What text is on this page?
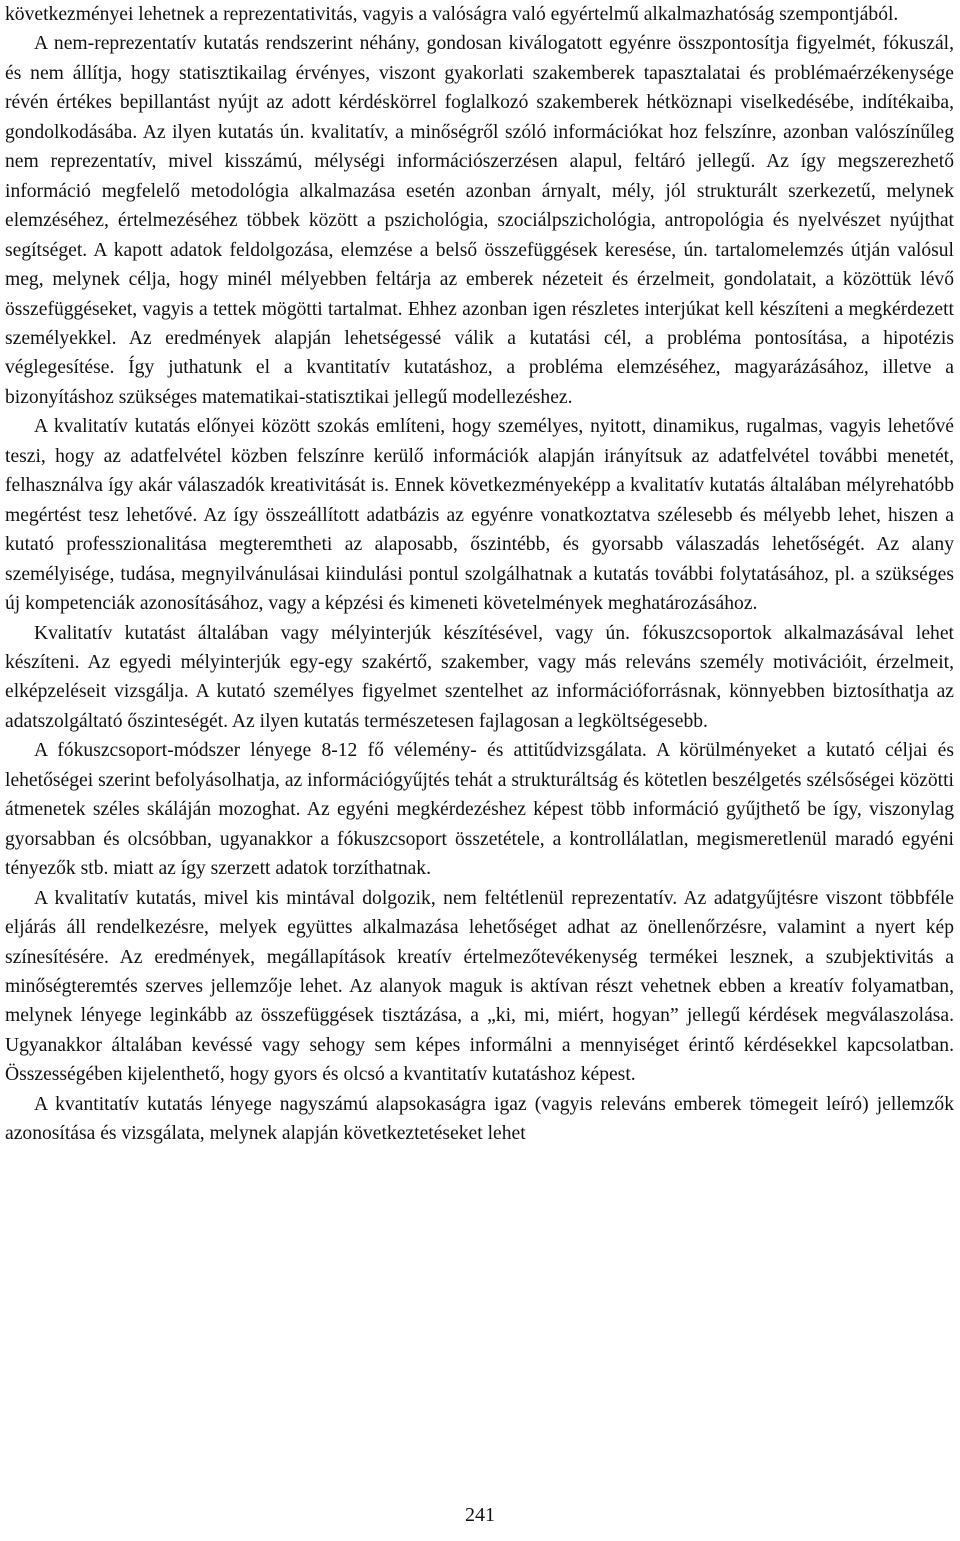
következményei lehetnek a reprezentativitás, vagyis a valóságra való egyértelmű alkalmazhatóság szempontjából.

A nem-reprezentatív kutatás rendszerint néhány, gondosan kiválogatott egyénre összpontosítja figyelmét, fókuszál, és nem állítja, hogy statisztikailag érvényes, viszont gyakorlati szakemberek tapasztalatai és problémaérzékenysége révén értékes bepillantást nyújt az adott kérdéskörrel foglalkozó szakemberek hétköznapi viselkedésébe, indítékaiba, gondolkodásába. Az ilyen kutatás ún. kvalitatív, a minőségről szóló információkat hoz felszínre, azonban valószínűleg nem reprezentatív, mivel kisszámú, mélységi információszerzésen alapul, feltáró jellegű. Az így megszerezhető információ megfelelő metodológia alkalmazása esetén azonban árnyalt, mély, jól strukturált szerkezetű, melynek elemzéséhez, értelmezéséhez többek között a pszichológia, szociálpszichológia, antropológia és nyelvészet nyújthat segítséget. A kapott adatok feldolgozása, elemzése a belső összefüggések keresése, ún. tartalomelemzés útján valósul meg, melynek célja, hogy minél mélyebben feltárja az emberek nézeteit és érzelmeit, gondolatait, a közöttük lévő összefüggéseket, vagyis a tettek mögötti tartalmat. Ehhez azonban igen részletes interjúkat kell készíteni a megkérdezett személyekkel. Az eredmények alapján lehetségessé válik a kutatási cél, a probléma pontosítása, a hipotézis véglegesítése. Így juthatunk el a kvantitatív kutatáshoz, a probléma elemzéséhez, magyarázásához, illetve a bizonyításhoz szükséges matematikai-statisztikai jellegű modellezéshez.

A kvalitatív kutatás előnyei között szokás említeni, hogy személyes, nyitott, dinamikus, rugalmas, vagyis lehetővé teszi, hogy az adatfelvétel közben felszínre kerülő információk alapján irányítsuk az adatfelvétel további menetét, felhasználva így akár válaszadók kreativitását is. Ennek következményeképp a kvalitatív kutatás általában mélyrehatóbb megértést tesz lehetővé. Az így összeállított adatbázis az egyénre vonatkoztatva szélesebb és mélyebb lehet, hiszen a kutató professzionalitása megteremtheti az alaposabb, őszintébb, és gyorsabb válaszadás lehetőségét. Az alany személyisége, tudása, megnyilvánulásai kiindulási pontul szolgálhatnak a kutatás további folytatásához, pl. a szükséges új kompetenciák azonosításához, vagy a képzési és kimeneti követelmények meghatározásához.

Kvalitatív kutatást általában vagy mélyinterjúk készítésével, vagy ún. fókuszcsoportok alkalmazásával lehet készíteni. Az egyedi mélyinterjúk egy-egy szakértő, szakember, vagy más releváns személy motivációit, érzelmeit, elképzeléseit vizsgálja. A kutató személyes figyelmet szentelhet az információforrásnak, könnyebben biztosíthatja az adatszolgáltató őszinteségét. Az ilyen kutatás természetesen fajlagosan a legköltségesebb.

A fókuszcsoport-módszer lényege 8-12 fő vélemény- és attitűdvizsgálata. A körülményeket a kutató céljai és lehetőségei szerint befolyásolhatja, az információgyűjtés tehát a strukturáltság és kötetlen beszélgetés szélsőségei közötti átmenetek széles skáláján mozoghat. Az egyéni megkérdezéshez képest több információ gyűjthető be így, viszonylag gyorsabban és olcsóbban, ugyanakkor a fókuszcsoport összetétele, a kontrollálatlan, megismeretlenül maradó egyéni tényezők stb. miatt az így szerzett adatok torzíthatnak.

A kvalitatív kutatás, mivel kis mintával dolgozik, nem feltétlenül reprezentatív. Az adatgyűjtésre viszont többféle eljárás áll rendelkezésre, melyek együttes alkalmazása lehetőséget adhat az önellenőrzésre, valamint a nyert kép színesítésére. Az eredmények, megállapítások kreatív értelmezőtevékenység termékei lesznek, a szubjektivitás a minőségteremtés szerves jellemzője lehet. Az alanyok maguk is aktívan részt vehetnek ebben a kreatív folyamatban, melynek lényege leginkább az összefüggések tisztázása, a „ki, mi, miért, hogyan” jellegű kérdések megválaszolása. Ugyanakkor általában kevéssé vagy sehogy sem képes informálni a mennyiséget érintő kérdésekkel kapcsolatban. Összességében kijelenthető, hogy gyors és olcsó a kvantitatív kutatáshoz képest.

A kvantitatív kutatás lényege nagyszámú alapsokaságra igaz (vagyis releváns emberek tömegeit leíró) jellemzők azonosítása és vizsgálata, melynek alapján következtetéseket lehet

241
